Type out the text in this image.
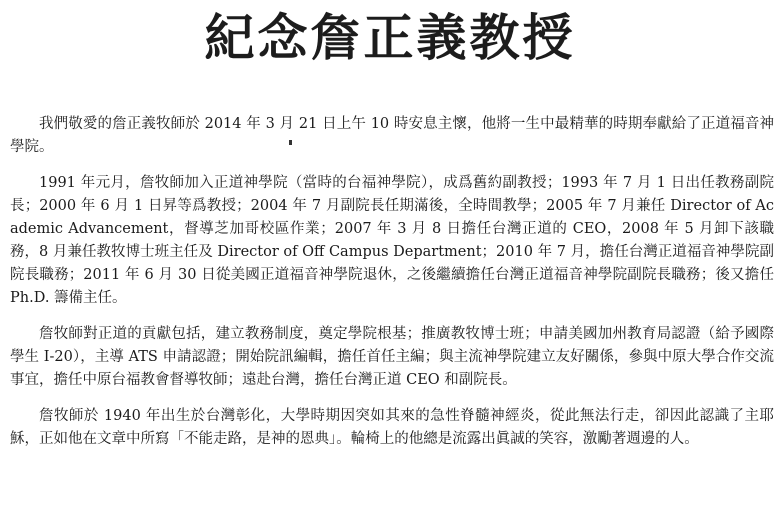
紀念詹正義教授

我們敬愛的詹正義牧師於 2014 年 3 月 21 日上午 10 時安息主懷，他將一生中最精華的時期奉獻給了正道福音神學院。

1991 年元月，詹牧師加入正道神學院（當時的台福神學院），成爲舊約副教授；1993 年 7 月 1 日出任教務副院長；2000 年 6 月 1 日昇等爲教授；2004 年 7 月副院長任期滿後，全時間教學；2005 年 7 月兼任 Director of Academic Advancement，督導芝加哥校區作業；2007 年 3 月 8 日擔任台灣正道的 CEO，2008 年 5 月卸下該職務，8 月兼任教牧博士班主任及 Director of Off Campus Department；2010 年 7 月，擔任台灣正道福音神學院副院長職務；2011 年 6 月 30 日從美國正道福音神學院退休，之後繼續擔任台灣正道福音神學院副院長職務；後又擔任 Ph.D. 籌備主任。

詹牧師對正道的貢獻包括，建立教務制度，奠定學院根基；推廣教牧博士班；申請美國加州教育局認證（給予國際學生 I-20），主導 ATS 申請認證；開始院訊編輯，擔任首任主編；與主流神學院建立友好關係，參與中原大學合作交流事宜，擔任中原台福教會督導牧師；遠赴台灣，擔任台灣正道 CEO 和副院長。

詹牧師於 1940 年出生於台灣彰化，大學時期因突如其來的急性脊髓神經炎，從此無法行走，卻因此認識了主耶穌，正如他在文章中所寫「不能走路，是神的恩典」。輪椅上的他總是流露出眞誠的笑容，激勵著週邊的人。
